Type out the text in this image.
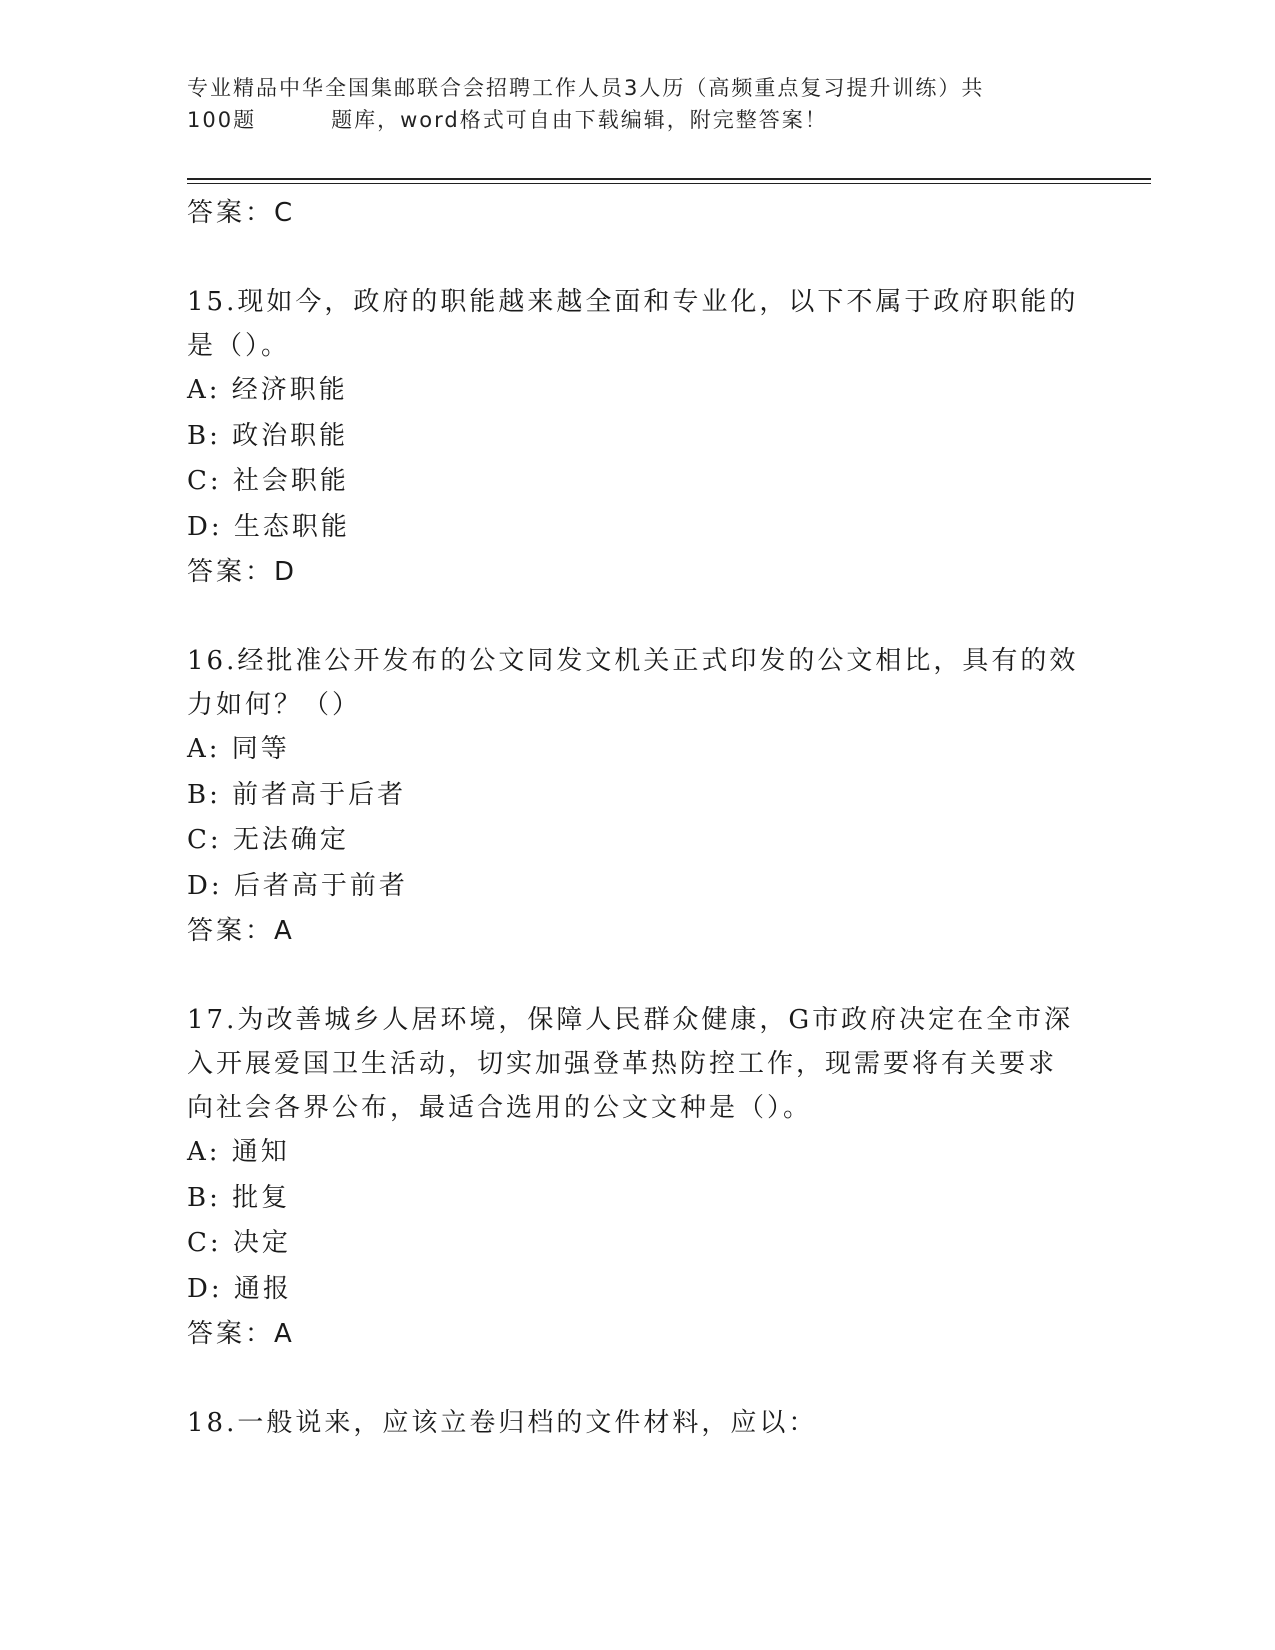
专业精品中华全国集邮联合会招聘工作人员3人历（高频重点复习提升训练）共
100题	题库，word格式可自由下载编辑，附完整答案！
答案：C
15.现如今，政府的职能越来越全面和专业化，以下不属于政府职能的
是（）。
A: 经济职能
B: 政治职能
C: 社会职能
D: 生态职能
答案：D
16.经批准公开发布的公文同发文机关正式印发的公文相比，具有的效
力如何？（）
A: 同等
B: 前者高于后者
C: 无法确定
D: 后者高于前者
答案：A
17.为改善城乡人居环境，保障人民群众健康，G市政府决定在全市深
入开展爱国卫生活动，切实加强登革热防控工作，现需要将有关要求
向社会各界公布，最适合选用的公文文种是（）。
A: 通知
B: 批复
C: 决定
D: 通报
答案：A
18.一般说来，应该立卷归档的文件材料，应以：
